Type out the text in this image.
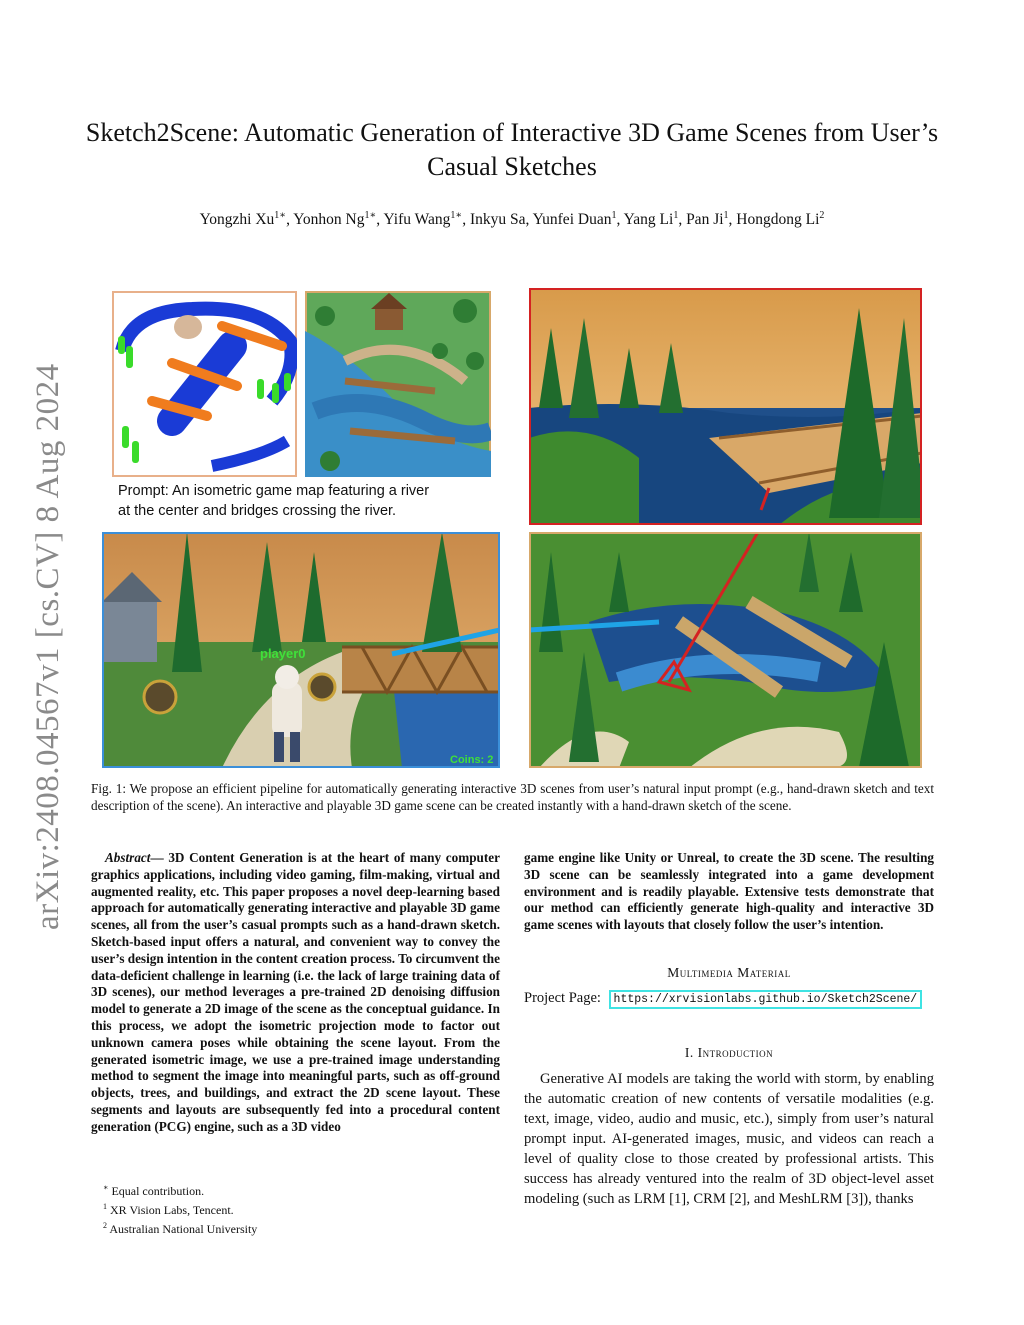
arXiv:2408.04567v1 [cs.CV] 8 Aug 2024
Sketch2Scene: Automatic Generation of Interactive 3D Game Scenes from User’s Casual Sketches
Yongzhi $Xu^{1∗}$, Yonhon $Ng^{1∗}$, Yifu Wang$^{1∗}$, Inkyu Sa, Yunfei Duan$^1$, Yang Li$^1$, Pan Ji$^1$, Hongdong Li$^2$
Prompt: An isometric game map featuring a river
at the center and bridges crossing the river.
player0
Coins: 2
Fig. 1: We propose an efficient pipeline for automatically generating interactive 3D scenes from user’s natural input prompt (e.g., hand-drawn sketch and text description of the scene). An interactive and playable 3D game scene can be created instantly with a hand-drawn sketch of the scene.

Abstract— 3D Content Generation is at the heart of many computer graphics applications, including video gaming, film-making, virtual and augmented reality, etc. This paper proposes a novel deep-learning based approach for automatically generating interactive and playable 3D game scenes, all from the user’s casual prompts such as a hand-drawn sketch. Sketch-based input offers a natural, and convenient way to convey the user’s design intention in the content creation process. To circumvent the data-deficient challenge in learning (i.e. the lack of large training data of 3D scenes), our method leverages a pre-trained 2D denoising diffusion model to generate a 2D image of the scene as the conceptual guidance. In this process, we adopt the isometric projection mode to factor out unknown camera poses while obtaining the scene layout. From the generated isometric image, we use a pre-trained image understanding method to segment the image into meaningful parts, such as off-ground objects, trees, and buildings, and extract the 2D scene layout. These segments and layouts are subsequently fed into a procedural content generation (PCG) engine, such as a 3D video

game engine like Unity or Unreal, to create the 3D scene. The resulting 3D scene can be seamlessly integrated into a game development environment and is readily playable. Extensive tests demonstrate that our method can efficiently generate high-quality and interactive 3D game scenes with layouts that closely follow the user’s intention.
Multimedia Material
Project Page: https://xrvisionlabs.github.io/Sketch2Scene/
I. Introduction

Generative AI models are taking the world with storm, by enabling the automatic creation of new contents of versatile modalities (e.g. text, image, video, audio and music, etc.), simply from user’s natural prompt input. AI-generated images, music, and videos can reach a level of quality close to those created by professional artists. This success has already ventured into the realm of 3D object-level asset modeling (such as LRM [1], CRM [2], and MeshLRM [3]), thanks

∗ Equal contribution.
$^1$ XR Vision Labs, Tencent.
$^2$ Australian National University
